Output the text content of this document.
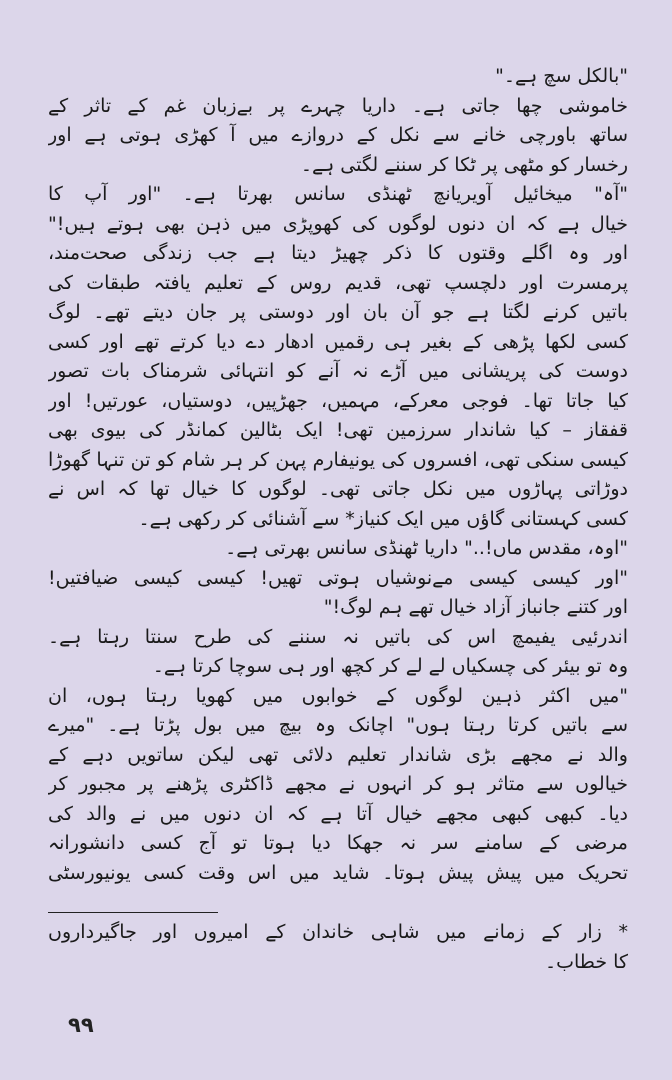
"بالکل سچ ہے۔"
خاموشی چھا جاتی ہے۔ داریا چہرے پر بےزبان غم کے تاثر کے
ساتھ باورچی خانے سے نکل کے دروازے میں آ کھڑی ہوتی ہے اور
رخسار کو مٹھی پر ٹکا کر سننے لگتی ہے۔
"آہ" میخائیل آویریانچ ٹھنڈی سانس بھرتا ہے۔ "اور آپ کا
خیال ہے کہ ان دنوں لوگوں کی کھوپڑی میں ذہن بھی ہوتے ہیں!"
اور وہ اگلے وقتوں کا ذکر چھیڑ دیتا ہے جب زندگی صحت‌مند،
پرمسرت اور دلچسپ تھی، قدیم روس کے تعلیم یافتہ طبقات کی
باتیں کرنے لگتا ہے جو آن بان اور دوستی پر جان دیتے تھے۔ لوگ
کسی لکھا پڑھی کے بغیر ہی رقمیں ادھار دے دیا کرتے تھے اور کسی
دوست کی پریشانی میں آڑے نہ آنے کو انتہائی شرمناک بات تصور
کیا جاتا تھا۔ فوجی معرکے، مہمیں، جھڑپیں، دوستیاں، عورتیں! اور
قفقاز – کیا شاندار سرزمین تھی! ایک بٹالین کمانڈر کی بیوی بھی
کیسی سنکی تھی، افسروں کی یونیفارم پہن کر ہر شام کو تن تنہا گھوڑا
دوڑاتی پہاڑوں میں نکل جاتی تھی۔ لوگوں کا خیال تھا کہ اس نے
کسی کہستانی گاؤں میں ایک کنیاز* سے آشنائی کر رکھی ہے۔
"اوہ، مقدس ماں!.." داریا ٹھنڈی سانس بھرتی ہے۔
"اور کیسی کیسی مےنوشیاں ہوتی تھیں! کیسی کیسی ضیافتیں!
اور کتنے جانباز آزاد خیال تھے ہم لوگ!"
اندرئیی یفیمچ اس کی باتیں نہ سننے کی طرح سنتا رہتا ہے۔
وہ تو بیئر کی چسکیاں لے لے کر کچھ اور ہی سوچا کرتا ہے۔
"میں اکثر ذہین لوگوں کے خوابوں میں کھویا رہتا ہوں، ان
سے باتیں کرتا رہتا ہوں" اچانک وہ بیچ میں بول پڑتا ہے۔ "میرے
والد نے مجھے بڑی شاندار تعلیم دلائی تھی لیکن ساتویں دہے کے
خیالوں سے متاثر ہو کر انہوں نے مجھے ڈاکٹری پڑھنے پر مجبور کر
دیا۔ کبھی کبھی مجھے خیال آتا ہے کہ ان دنوں میں نے والد کی
مرضی کے سامنے سر نہ جھکا دیا ہوتا تو آج کسی دانشورانہ
تحریک میں پیش پیش ہوتا۔ شاید میں اس وقت کسی یونیورسٹی
* زار کے زمانے میں شاہی خاندان کے امیروں اور جاگیرداروں
کا خطاب۔
۹۹
